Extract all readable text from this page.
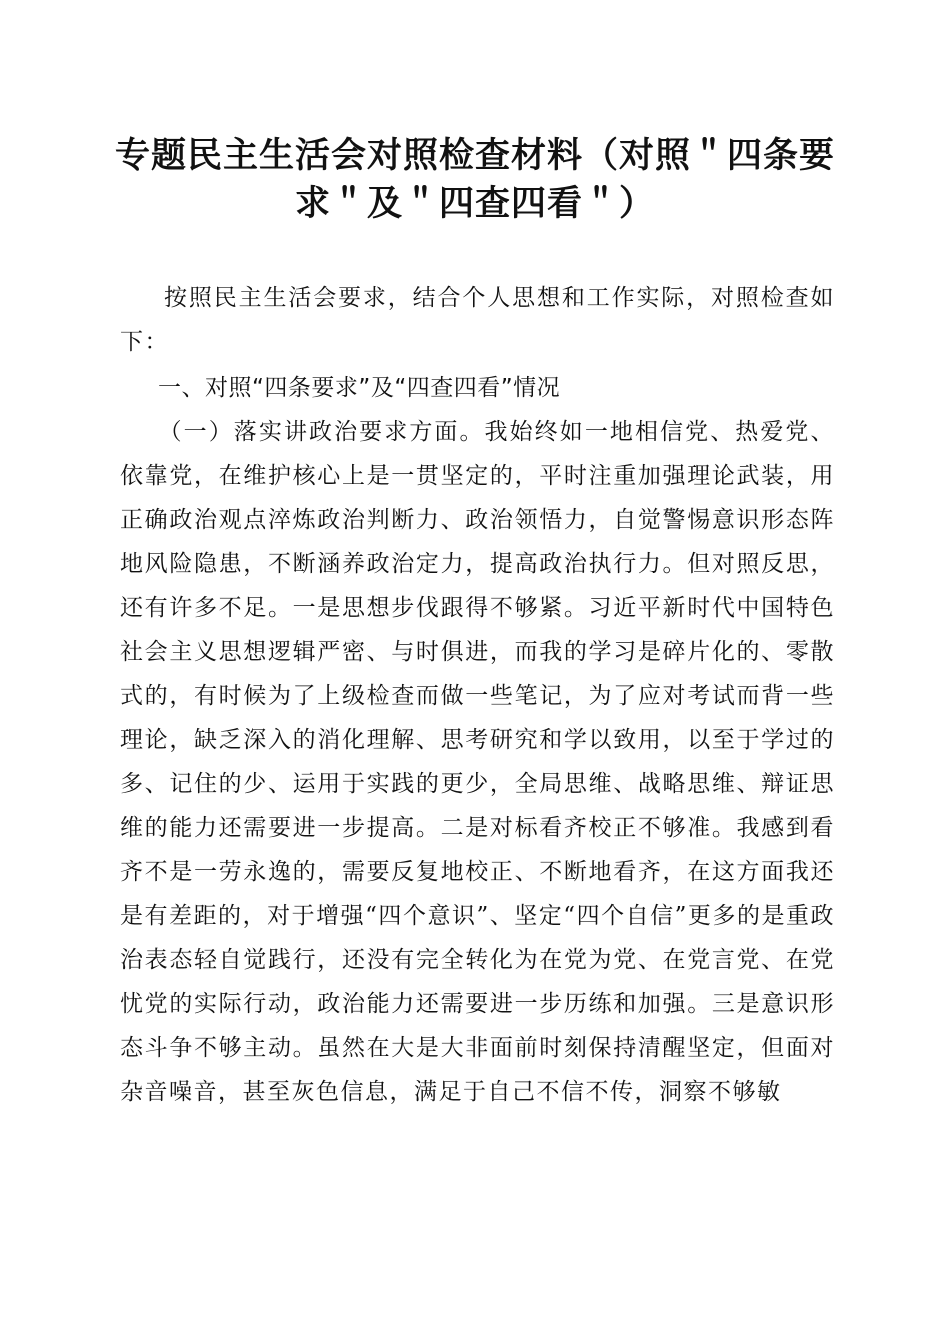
专题民主生活会对照检查材料（对照＂四条要
求＂及＂四查四看＂）

按照民主生活会要求，结合个人思想和工作实际，对照检查如下：

一、对照“四条要求”及“四查四看”情况

（一）落实讲政治要求方面。我始终如一地相信党、热爱党、依靠党，在维护核心上是一贯坚定的，平时注重加强理论武装，用正确政治观点淬炼政治判断力、政治领悟力，自觉警惕意识形态阵地风险隐患，不断涵养政治定力，提高政治执行力。但对照反思，还有许多不足。一是思想步伐跟得不够紧。习近平新时代中国特色社会主义思想逻辑严密、与时俱进，而我的学习是碎片化的、零散式的，有时候为了上级检查而做一些笔记，为了应对考试而背一些理论，缺乏深入的消化理解、思考研究和学以致用，以至于学过的多、记住的少、运用于实践的更少，全局思维、战略思维、辩证思维的能力还需要进一步提高。二是对标看齐校正不够准。我感到看齐不是一劳永逸的，需要反复地校正、不断地看齐，在这方面我还是有差距的，对于增强“四个意识”、坚定“四个自信”更多的是重政治表态轻自觉践行，还没有完全转化为在党为党、在党言党、在党忧党的实际行动，政治能力还需要进一步历练和加强。三是意识形态斗争不够主动。虽然在大是大非面前时刻保持清醒坚定，但面对杂音噪音，甚至灰色信息，满足于自己不信不传，洞察不够敏
